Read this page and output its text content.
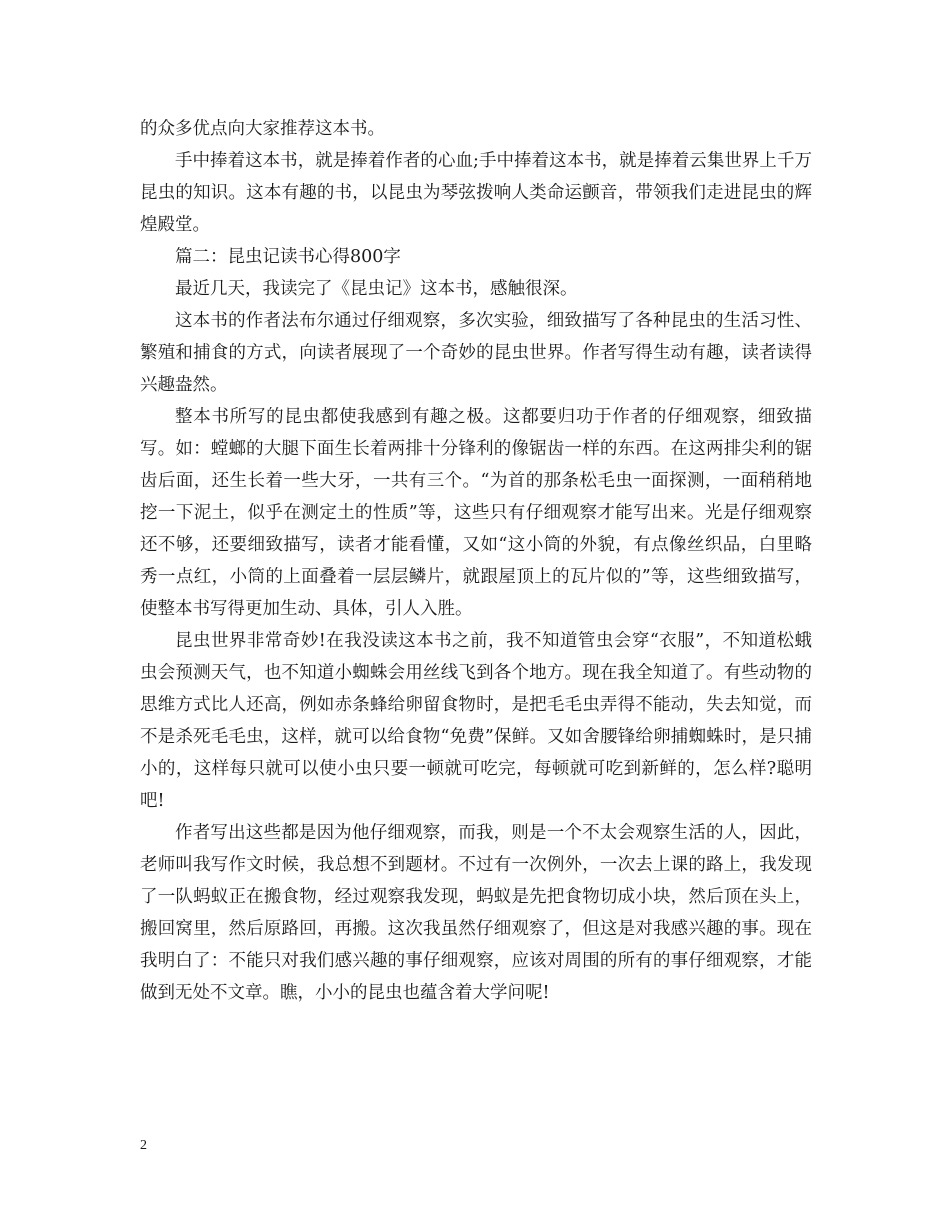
的众多优点向大家推荐这本书。

手中捧着这本书，就是捧着作者的心血;手中捧着这本书，就是捧着云集世界上千万昆虫的知识。这本有趣的书，以昆虫为琴弦拨响人类命运颤音，带领我们走进昆虫的辉煌殿堂。

篇二：昆虫记读书心得800字

最近几天，我读完了《昆虫记》这本书，感触很深。

这本书的作者法布尔通过仔细观察，多次实验，细致描写了各种昆虫的生活习性、繁殖和捕食的方式，向读者展现了一个奇妙的昆虫世界。作者写得生动有趣，读者读得兴趣盎然。

整本书所写的昆虫都使我感到有趣之极。这都要归功于作者的仔细观察，细致描写。如：螳螂的大腿下面生长着两排十分锋利的像锯齿一样的东西。在这两排尖利的锯齿后面，还生长着一些大牙，一共有三个。“为首的那条松毛虫一面探测，一面稍稍地挖一下泥土，似乎在测定土的性质”等，这些只有仔细观察才能写出来。光是仔细观察还不够，还要细致描写，读者才能看懂，又如“这小筒的外貌，有点像丝织品，白里略秀一点红，小筒的上面叠着一层层鳞片，就跟屋顶上的瓦片似的”等，这些细致描写，使整本书写得更加生动、具体，引人入胜。

昆虫世界非常奇妙!在我没读这本书之前，我不知道管虫会穿“衣服”，不知道松蛾虫会预测天气，也不知道小蜘蛛会用丝线飞到各个地方。现在我全知道了。有些动物的思维方式比人还高，例如赤条蜂给卵留食物时，是把毛毛虫弄得不能动，失去知觉，而不是杀死毛毛虫，这样，就可以给食物“免费”保鲜。又如舍腰锋给卵捕蜘蛛时，是只捕小的，这样每只就可以使小虫只要一顿就可吃完，每顿就可吃到新鲜的，怎么样?聪明吧!

作者写出这些都是因为他仔细观察，而我，则是一个不太会观察生活的人，因此，老师叫我写作文时候，我总想不到题材。不过有一次例外，一次去上课的路上，我发现了一队蚂蚁正在搬食物，经过观察我发现，蚂蚁是先把食物切成小块，然后顶在头上，搬回窝里，然后原路回，再搬。这次我虽然仔细观察了，但这是对我感兴趣的事。现在我明白了：不能只对我们感兴趣的事仔细观察，应该对周围的所有的事仔细观察，才能做到无处不文章。瞧，小小的昆虫也蕴含着大学问呢!

2
